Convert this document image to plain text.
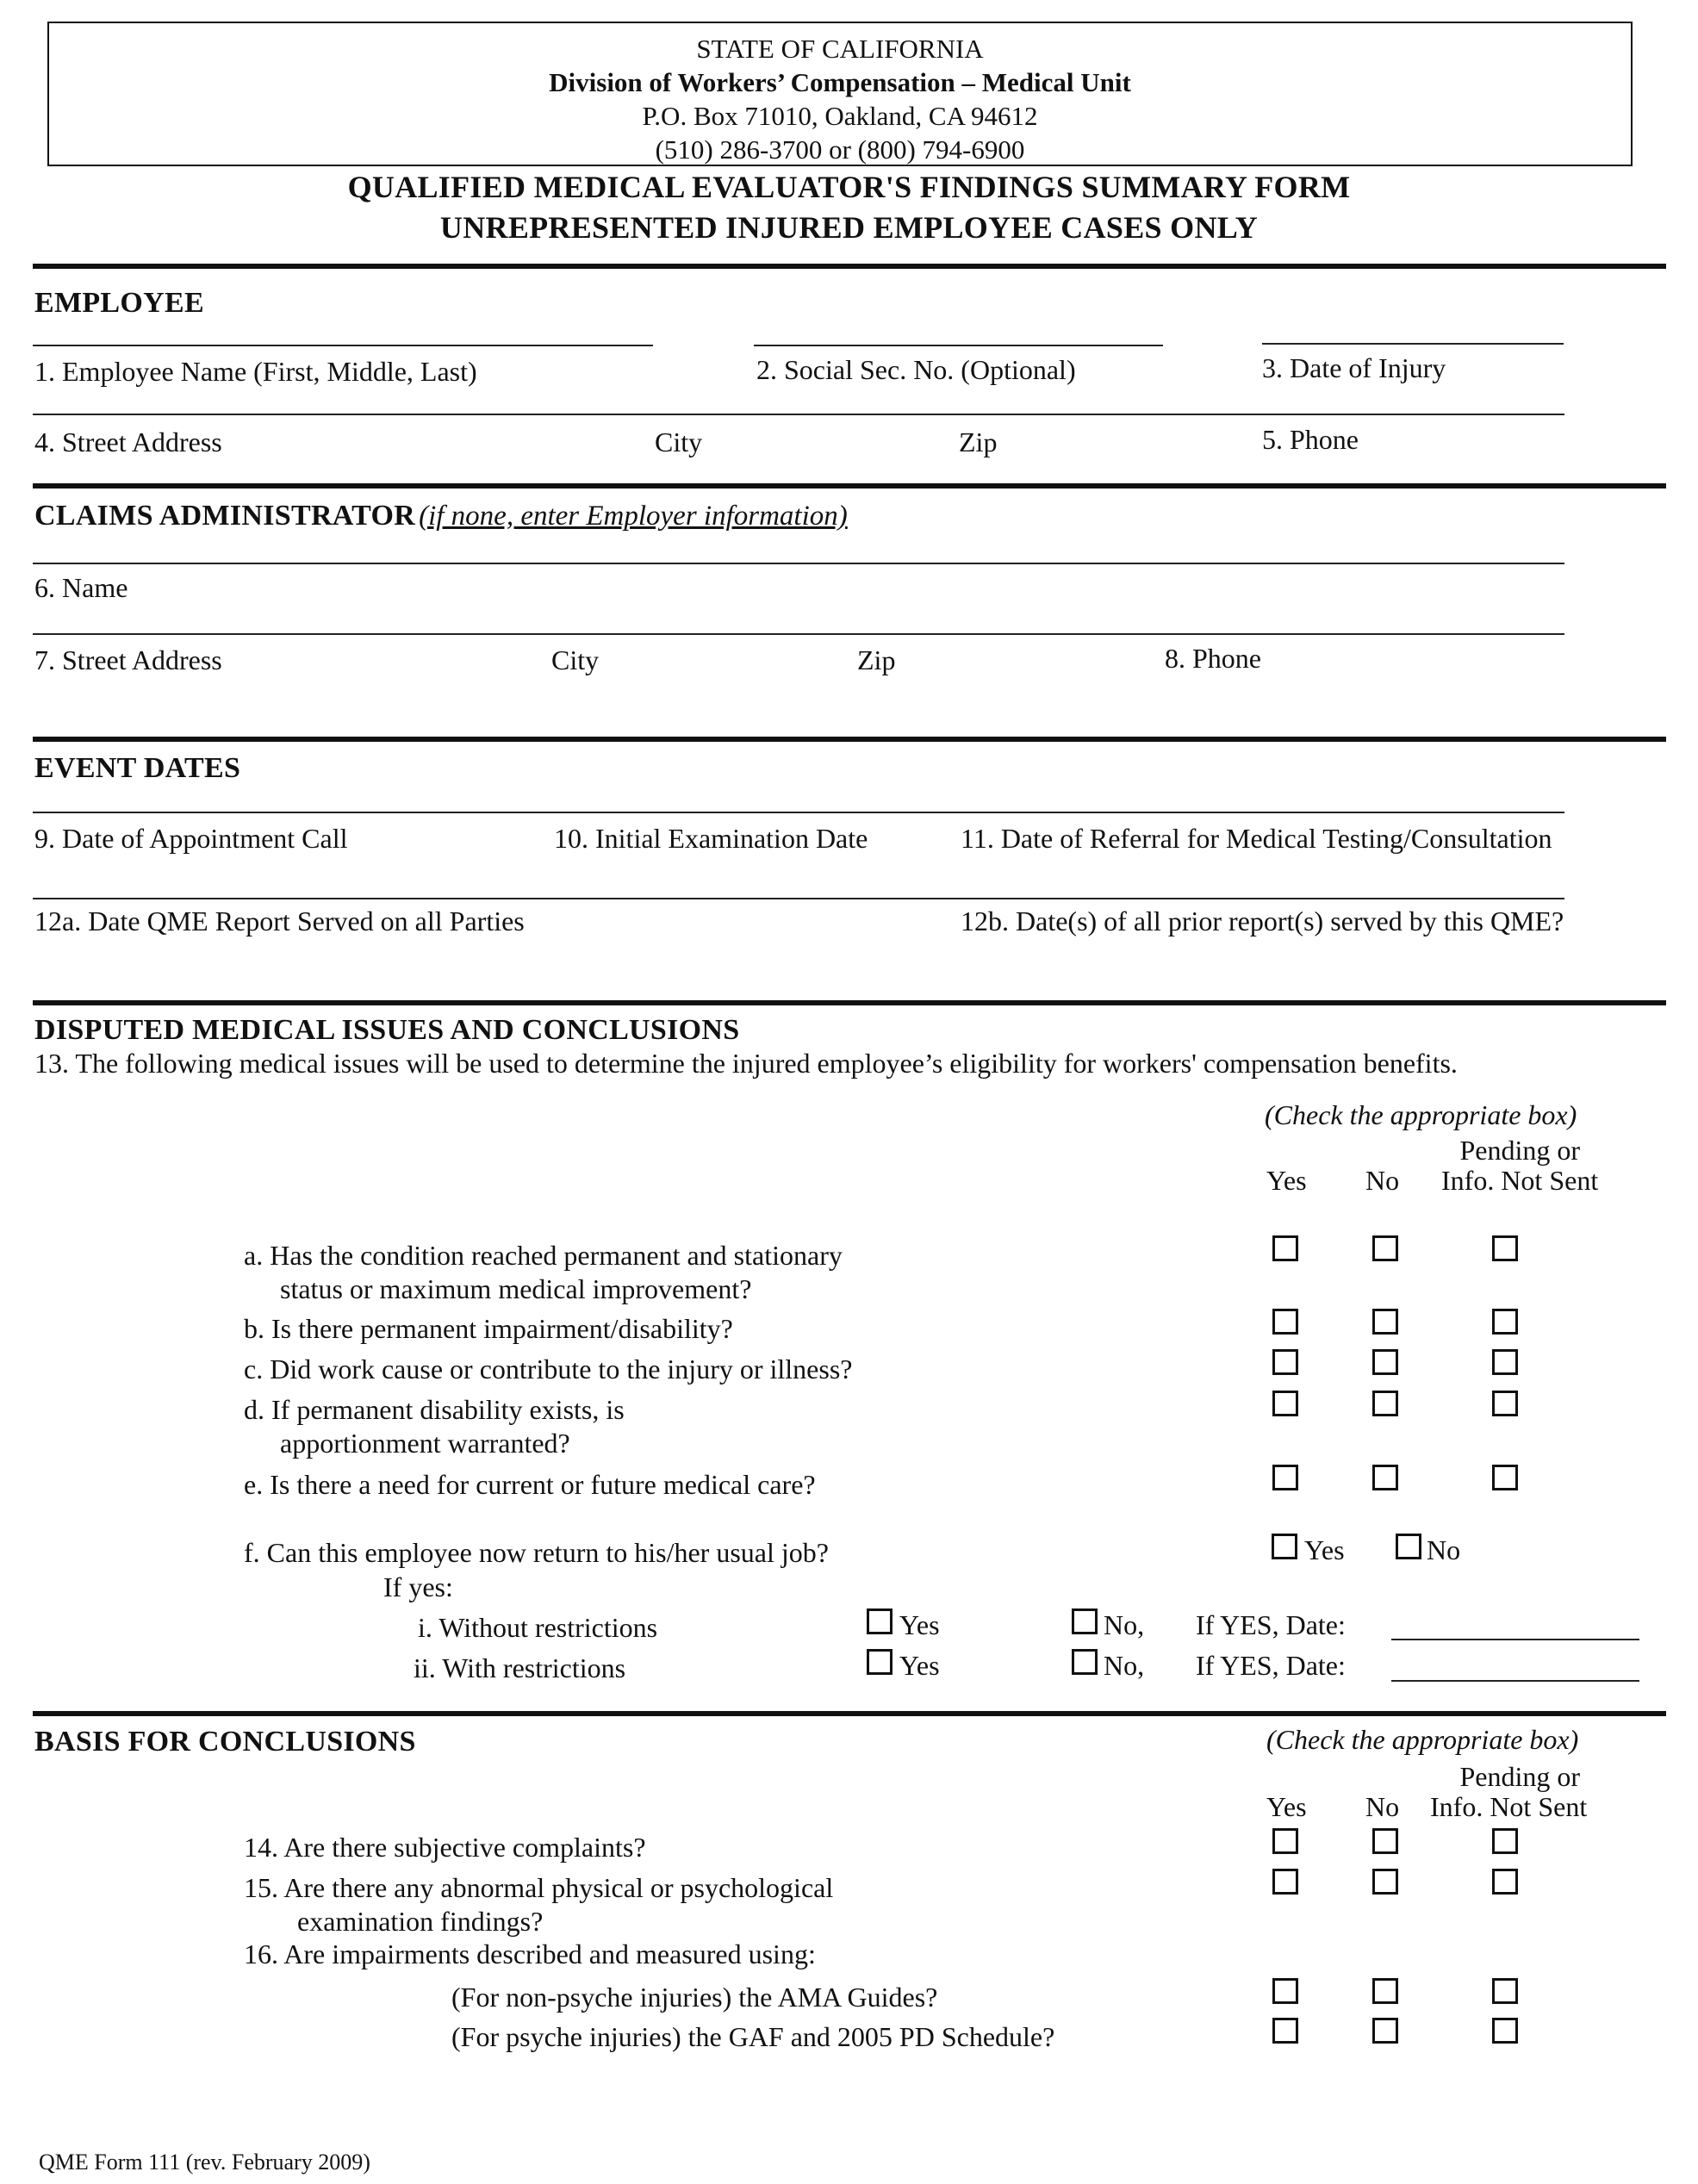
STATE OF CALIFORNIA
Division of Workers’ Compensation – Medical Unit
P.O. Box 71010, Oakland, CA 94612
(510) 286-3700 or (800) 794-6900
QUALIFIED MEDICAL EVALUATOR'S FINDINGS SUMMARY FORM
UNREPRESENTED INJURED EMPLOYEE CASES ONLY
EMPLOYEE
1. Employee Name (First, Middle, Last)	2. Social Sec. No. (Optional)	3. Date of Injury
4. Street Address	City	Zip	5. Phone
CLAIMS ADMINISTRATOR (if none, enter Employer information)
6. Name
7. Street Address	City	Zip	8. Phone
EVENT DATES
9. Date of Appointment Call	10. Initial Examination Date	11. Date of Referral for Medical Testing/Consultation
12a. Date QME Report Served on all Parties	12b. Date(s) of all prior report(s) served by this QME?
DISPUTED MEDICAL ISSUES AND CONCLUSIONS
13. The following medical issues will be used to determine the injured employee’s eligibility for workers' compensation benefits.
(Check the appropriate box)
Pending or
Yes No Info. Not Sent
a. Has the condition reached permanent and stationary
status or maximum medical improvement?
b. Is there permanent impairment/disability?
c. Did work cause or contribute to the injury or illness?
d. If permanent disability exists, is
apportionment warranted?
e. Is there a need for current or future medical care?
f. Can this employee now return to his/her usual job?	Yes	No
If yes:
i. Without restrictions	Yes	No, If YES, Date:
ii. With restrictions	Yes	No, If YES, Date:
BASIS FOR CONCLUSIONS	(Check the appropriate box)
Pending or
Yes No Info. Not Sent
14. Are there subjective complaints?
15. Are there any abnormal physical or psychological
examination findings?
16. Are impairments described and measured using:
(For non-psyche injuries) the AMA Guides?
(For psyche injuries) the GAF and 2005 PD Schedule?
QME Form 111 (rev. February 2009)
